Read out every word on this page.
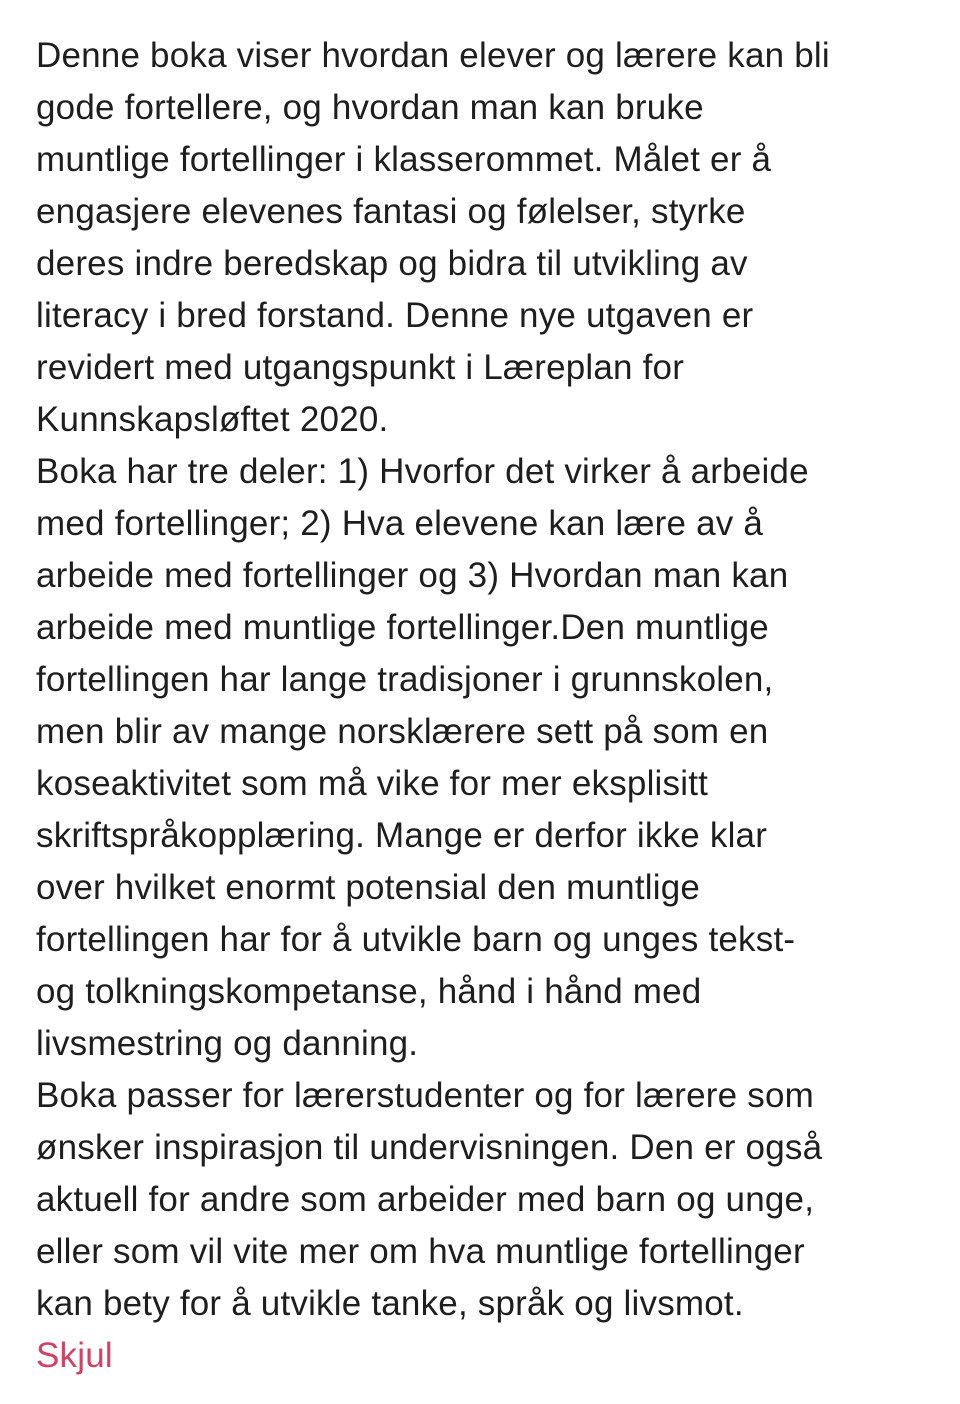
Denne boka viser hvordan elever og lærere kan bli
gode fortellere, og hvordan man kan bruke
muntlige fortellinger i klasserommet. Målet er å
engasjere elevenes fantasi og følelser, styrke
deres indre beredskap og bidra til utvikling av
literacy i bred forstand. Denne nye utgaven er
revidert med utgangspunkt i Læreplan for
Kunnskapsløftet 2020.
Boka har tre deler: 1) Hvorfor det virker å arbeide
med fortellinger; 2) Hva elevene kan lære av å
arbeide med fortellinger og 3) Hvordan man kan
arbeide med muntlige fortellinger.Den muntlige
fortellingen har lange tradisjoner i grunnskolen,
men blir av mange norsklærere sett på som en
koseaktivitet som må vike for mer eksplisitt
skriftspråkopplæring. Mange er derfor ikke klar
over hvilket enormt potensial den muntlige
fortellingen har for å utvikle barn og unges tekst-
og tolkningskompetanse, hånd i hånd med
livsmestring og danning.
Boka passer for lærerstudenter og for lærere som
ønsker inspirasjon til undervisningen. Den er også
aktuell for andre som arbeider med barn og unge,
eller som vil vite mer om hva muntlige fortellinger
kan bety for å utvikle tanke, språk og livsmot.
Skjul
